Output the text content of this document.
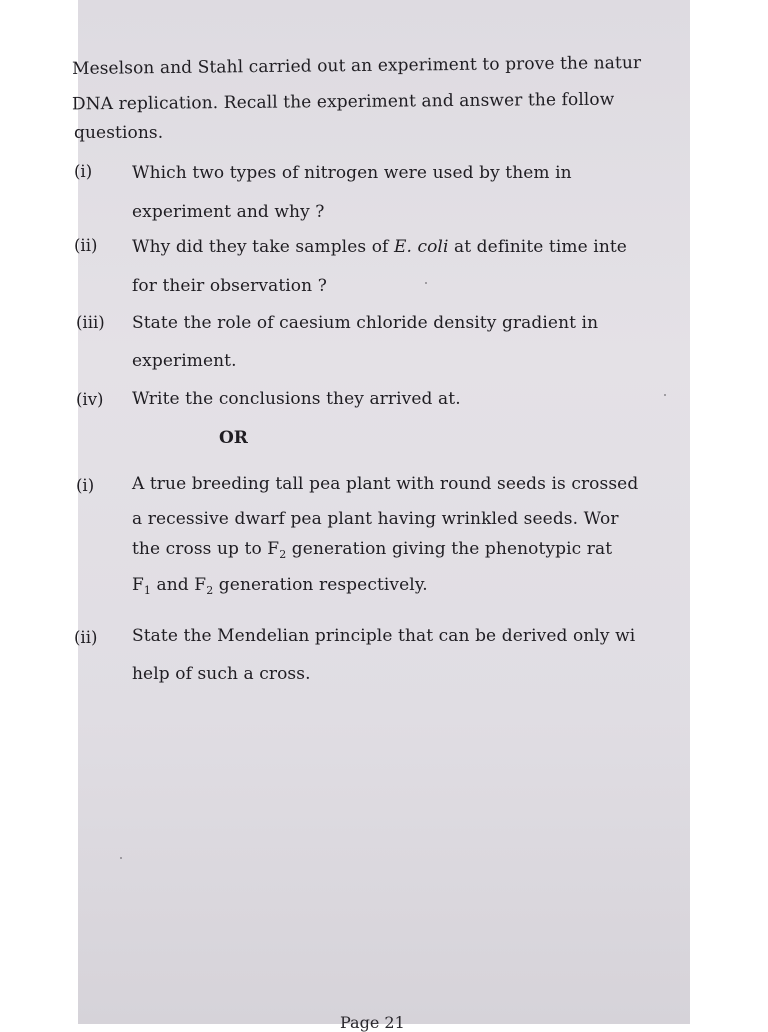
Meselson and Stahl carried out an experiment to prove the natur
DNA replication. Recall the experiment and answer the follow
questions.
(i) Which two types of nitrogen were used by them in
experiment and why ?
(ii) Why did they take samples of E. coli at definite time inte
for their observation ?
(iii) State the role of caesium chloride density gradient in
experiment.
(iv) Write the conclusions they arrived at.
OR
(i) A true breeding tall pea plant with round seeds is crossed
a recessive dwarf pea plant having wrinkled seeds. Wor
the cross up to $F_2$ generation giving the phenotypic rat
$F_1$ and $F_2$ generation respectively.
(ii) State the Mendelian principle that can be derived only wi
help of such a cross.
Page 21
